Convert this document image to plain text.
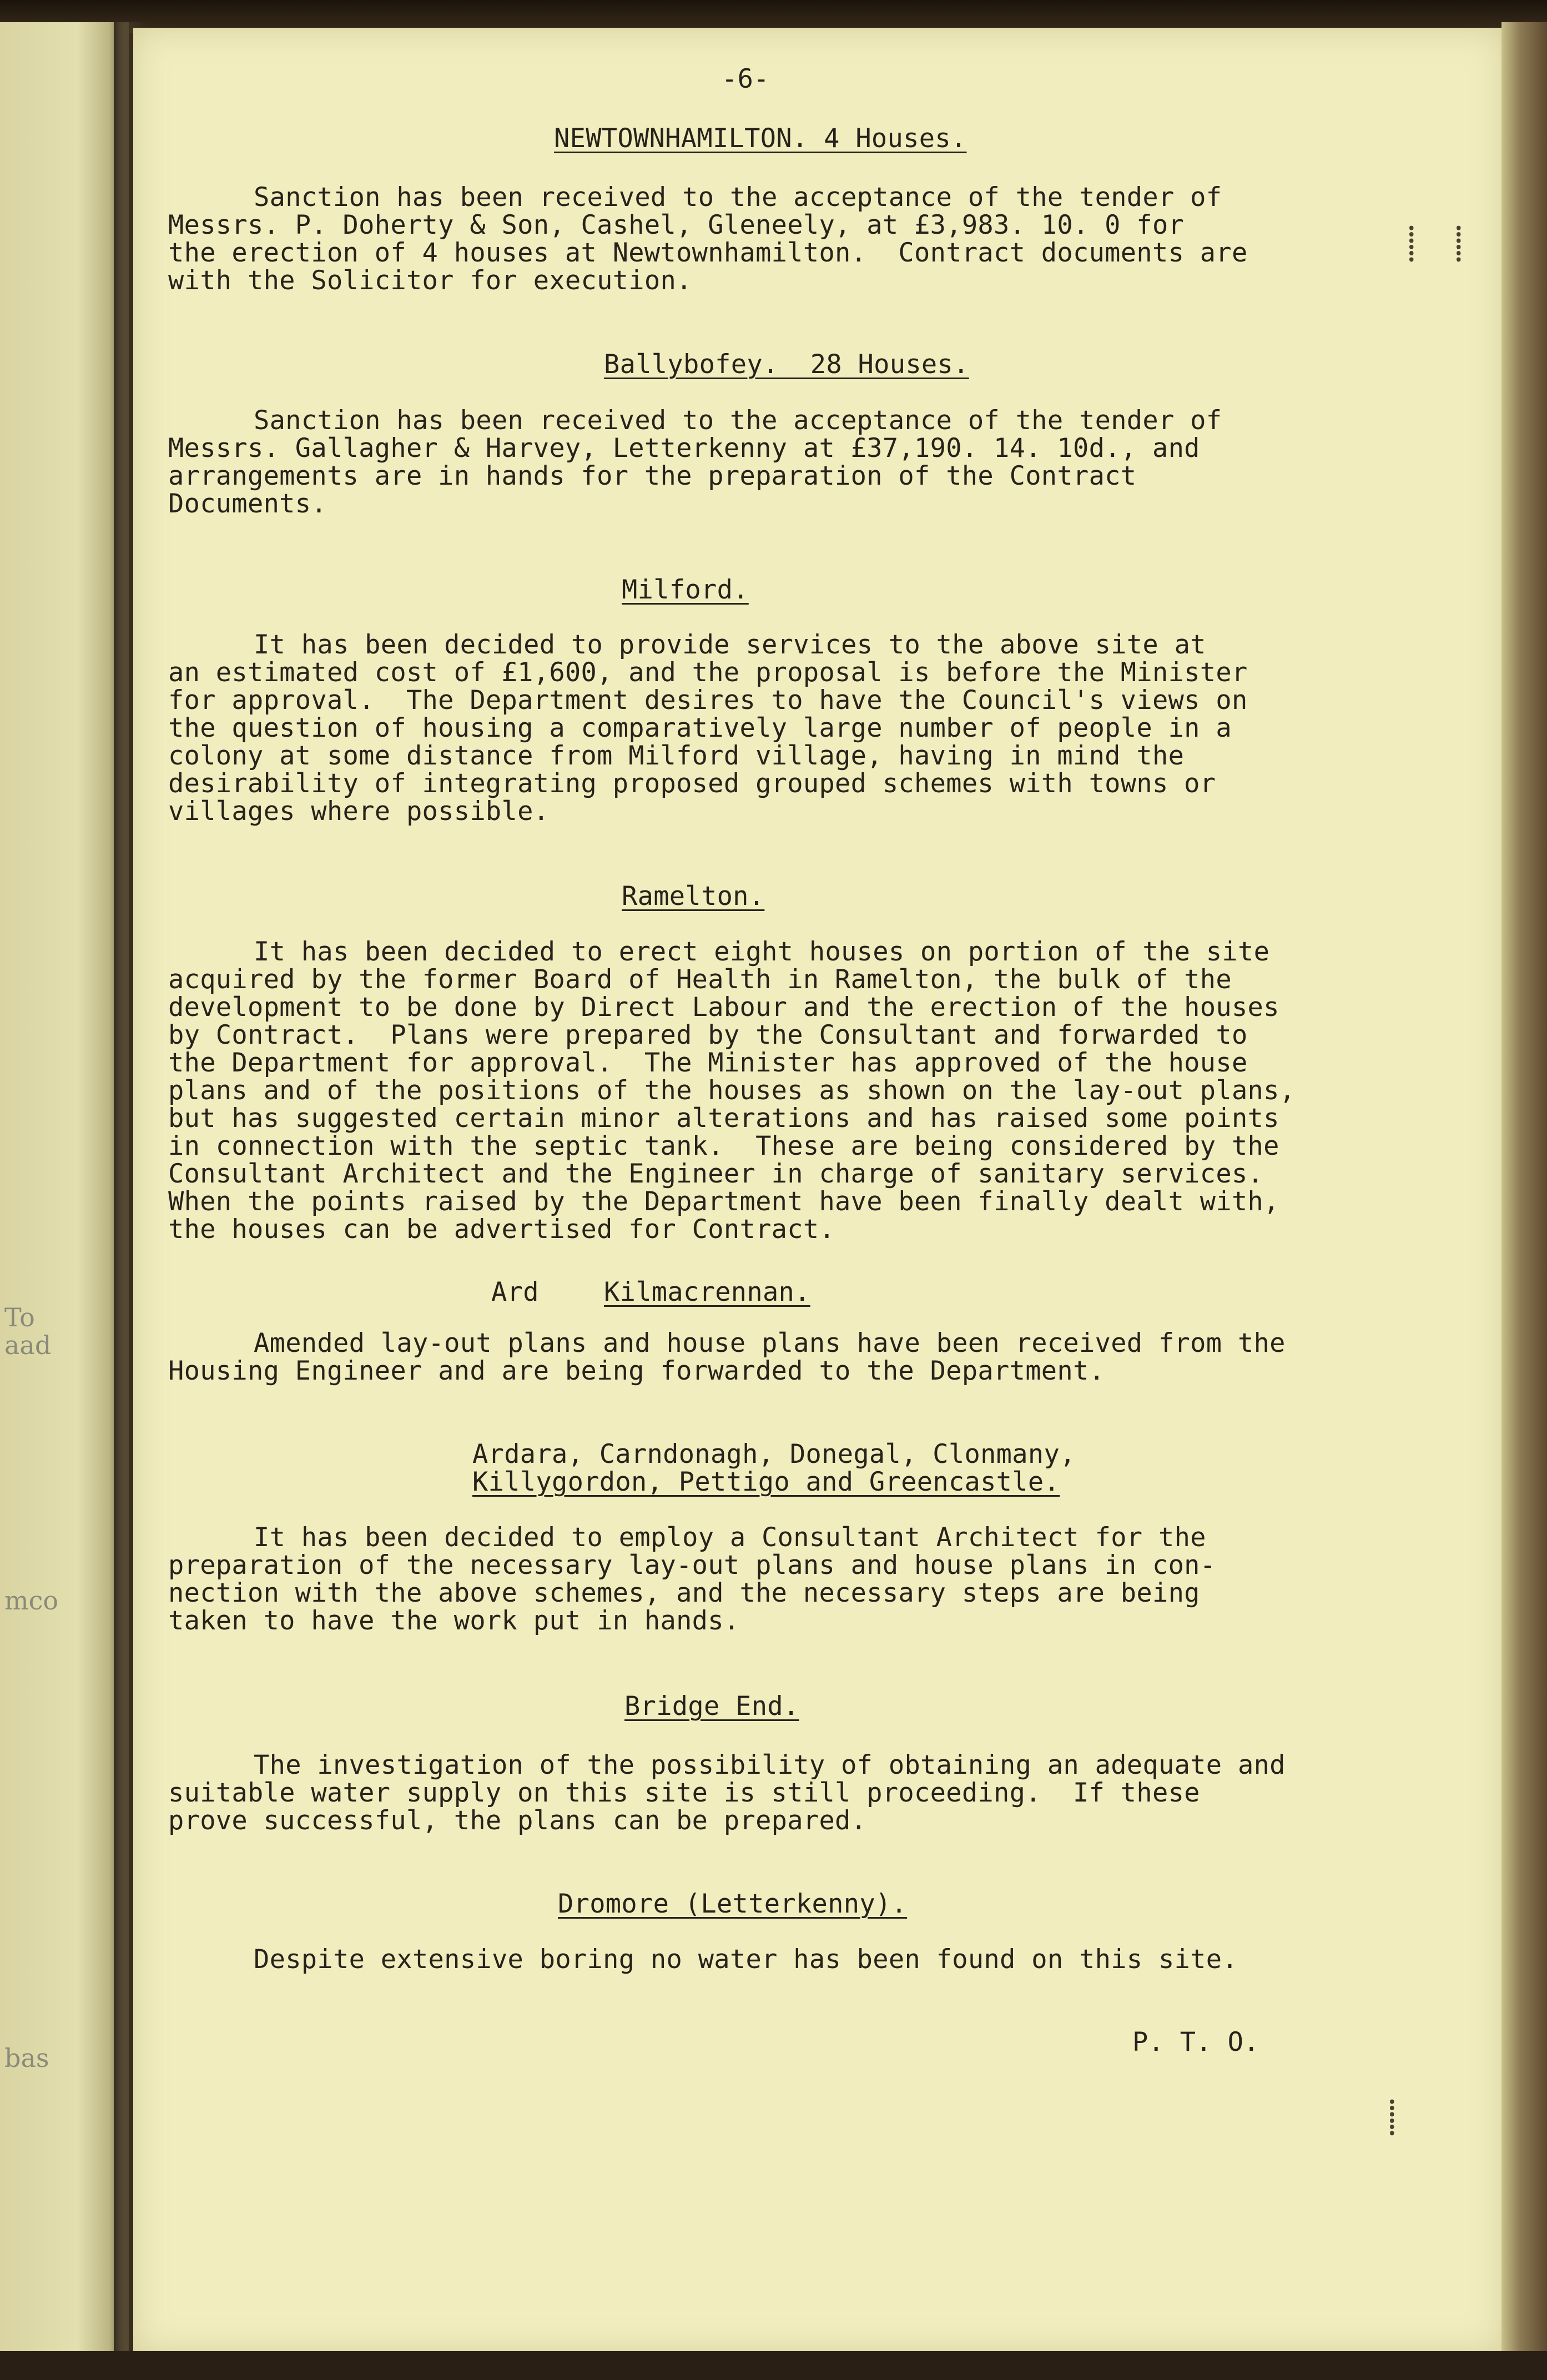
To
aad
mco
bas
-6-
NEWTOWNHAMILTON. 4 Houses.
Sanction has been received to the acceptance of the tender of
Messrs. P. Doherty & Son, Cashel, Gleneely, at £3,983. 10. 0 for
the erection of 4 houses at Newtownhamilton.  Contract documents are
with the Solicitor for execution.
Ballybofey.  28 Houses.
Sanction has been received to the acceptance of the tender of
Messrs. Gallagher & Harvey, Letterkenny at £37,190. 14. 10d., and
arrangements are in hands for the preparation of the Contract
Documents.
Milford.
It has been decided to provide services to the above site at
an estimated cost of £1,600, and the proposal is before the Minister
for approval.  The Department desires to have the Council's views on
the question of housing a comparatively large number of people in a
colony at some distance from Milford village, having in mind the
desirability of integrating proposed grouped schemes with towns or
villages where possible.
Ramelton.
It has been decided to erect eight houses on portion of the site
acquired by the former Board of Health in Ramelton, the bulk of the
development to be done by Direct Labour and the erection of the houses
by Contract.  Plans were prepared by the Consultant and forwarded to
the Department for approval.  The Minister has approved of the house
plans and of the positions of the houses as shown on the lay-out plans,
but has suggested certain minor alterations and has raised some points
in connection with the septic tank.  These are being considered by the
Consultant Architect and the Engineer in charge of sanitary services.
When the points raised by the Department have been finally dealt with,
the houses can be advertised for Contract.
Ard Kilmacrennan.
Amended lay-out plans and house plans have been received from the
Housing Engineer and are being forwarded to the Department.
Ardara, Carndonagh, Donegal, Clonmany,
Killygordon, Pettigo and Greencastle.
It has been decided to employ a Consultant Architect for the
preparation of the necessary lay-out plans and house plans in con-
nection with the above schemes, and the necessary steps are being
taken to have the work put in hands.
Bridge End.
The investigation of the possibility of obtaining an adequate and
suitable water supply on this site is still proceeding.  If these
prove successful, the plans can be prepared.
Dromore (Letterkenny).
Despite extensive boring no water has been found on this site.
P. T. O.
⸽ ⸽
⸽
